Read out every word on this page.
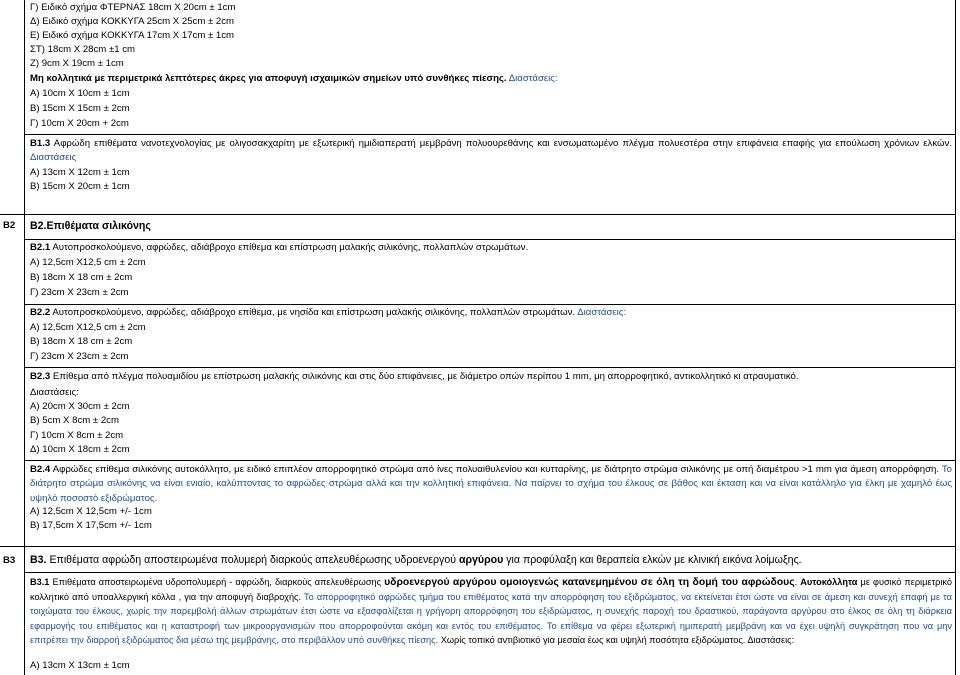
Γ) Ειδικό σχήμα ΦΤΕΡΝΑΣ 18cm X 20cm ± 1cm
Δ) Ειδικό σχήμα ΚΟΚΚΥΓΑ 25cm X 25cm ± 2cm
Ε) Ειδικό σχήμα ΚΟΚΚΥΓΑ 17cm X 17cm ± 1cm
ΣΤ) 18cm X 28cm ±1 cm
Ζ) 9cm X 19cm ± 1cm
Μη κολλητικά με περιμετρικά λεπτότερες άκρες για αποφυγή ισχαιμικών σημείων υπό συνθήκες πίεσης. Διαστάσεις:
Α) 10cm X 10cm ± 1cm
Β) 15cm X 15cm ± 2cm
Γ) 10cm X 20cm + 2cm
Β1.3 Αφρώδη επιθέματα νανοτεχνολογίας με ολιγοσακχαρίτη με εξωτερική ημιδιαπερατή μεμβράνη πολυουρεθάνης και ενσωματωμένο πλέγμα πολυεστέρα στην επιφάνεια επαφής για επούλωση χρόνιων ελκών. Διαστάσεις
Α) 13cm X 12cm ± 1cm
Β) 15cm X 20cm ± 1cm
B2 Β2.Επιθέματα σιλικόνης
Β2.1 Αυτοπροσκολούμενο, αφρώδες, αδιάβροχο επίθεμα και επίστρωση μαλακής σιλικόνης, πολλαπλών στρωμάτων.
Α) 12,5cm X12,5 cm ± 2cm
Β) 18cm X 18 cm ± 2cm
Γ) 23cm X 23cm ± 2cm
Β2.2 Αυτοπροσκολούμενο, αφρώδες, αδιάβροχο επίθεμα, με νησίδα και επίστρωση μαλακής σιλικόνης, πολλαπλών στρωμάτων. Διαστάσεις:
Α) 12,5cm X12,5 cm ± 2cm
Β) 18cm X 18 cm ± 2cm
Γ) 23cm X 23cm ± 2cm
Β2.3 Επίθεμα από πλέγμα πολυαμιδίου με επίστρωση μαλακής σιλικόνης και στις δύο επιφάνειες, με διάμετρο οπών περίπου 1 mm, μη απορροφητικό, αντικολλητικό κι ατραυματικό.
Διαστάσεις:
Α) 20cm X 30cm ± 2cm
Β) 5cm X 8cm ± 2cm
Γ) 10cm X 8cm ± 2cm
Δ) 10cm X 18cm ± 2cm
Β2.4 Αφρώδες επίθεμα σιλικόνης αυτοκόλλητο, με ειδικό επιπλέον απορροφητικό στρώμα από ίνες πολυαιθυλενίου και κυτταρίνης, με διάτρητο στρώμα σιλικόνης με οπή διαμέτρου >1 mm για άμεση απορρόφηση. Το διάτρητο στρώμα σιλικόνης να είναι ενιαίο, καλύπτοντας το αφρώδες στρώμα αλλά και την κολλητική επιφάνεια. Να παίρνει το σχήμα του έλκους σε βάθος και έκταση και να είναι κατάλληλο για έλκη με χαμηλό έως υψηλό ποσοστό εξιδρώματος.
Α) 12,5cm X 12,5cm +/- 1cm
Β) 17,5cm X 17,5cm +/- 1cm
B3 Β3. Επιθέματα αφρώδη αποστειρωμένα πολυμερή διαρκούς απελευθέρωσης υδροενεργού αργύρου για προφύλαξη και θεραπεία ελκών με κλινική εικόνα λοίμωξης.
Β3.1 Επιθέματα αποστειρωμένα υδροπολυμερή - αφρώδη, διαρκούς απελευθέρωσης υδροενεργού αργύρου ομοιογενώς κατανεμημένου σε όλη τη δομή του αφρώδους. Αυτοκόλλητα με φυσικό περιμετρικό κολλητικό από υποαλλεργική κόλλα , για την αποφυγή διαβροχής. Το απορροφητικό αφρώδες τμήμα του επιθέματος κατά την απορρόφηση του εξιδρώματος, να εκτείνεται έτσι ώστε να είναι σε άμεση και συνεχή επαφή με τα τοιχώματα του έλκους, χωρίς την παρεμβολή άλλων στρωμάτων έτσι ώστε να εξασφαλίζεται η γρήγορη απορρόφηση του εξιδρώματος, η συνεχής παροχή του δραστικού, παράγοντα αργύρου στο έλκος σε όλη τη διάρκεια εφαρμογής του επιθέματος και η καταστροφή των μικροοργανισμών που απορροφούνται ακόμη και εντός του επιθέματος. Το επίθεμα να φέρει εξωτερική ημιπερατή μεμβράνη και να έχει υψηλή συγκράτηση που να μην επιτρέπει την διαρροή εξιδρώματος δια μέσω της μεμβράνης, στο περιβάλλον υπό συνθήκες πίεσης. Χωρίς τοπικό αντιβιοτικό για μεσαία έως και υψηλή ποσότητα εξιδρώματος. Διαστάσεις:
Α) 13cm X 13cm ± 1cm
